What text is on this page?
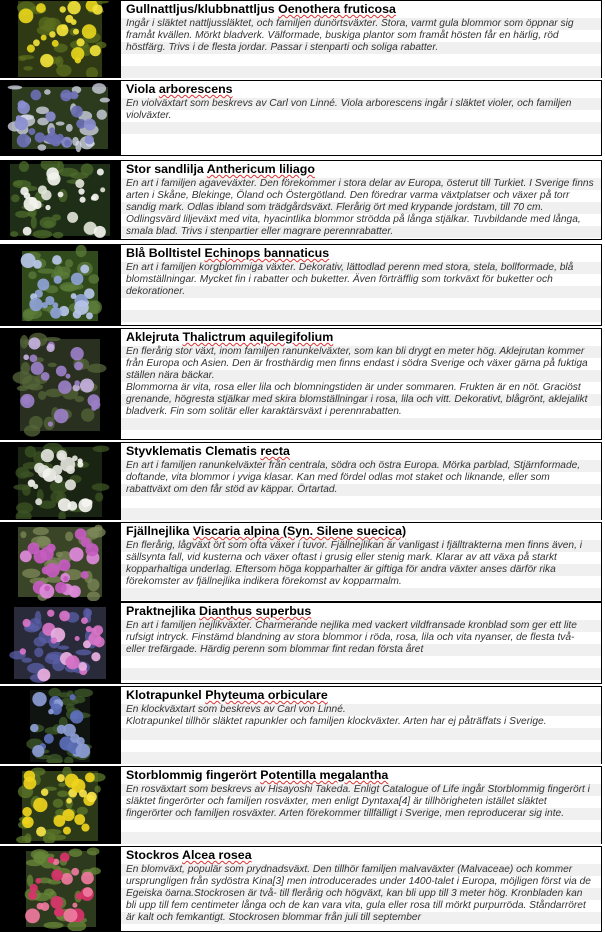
Gullnattljus/klubbnattljus Oenothera fruticosa

Ingår i släktet nattljussläktet, och familjen dunörtsväxter. Stora, varmt gula blommor som öppnar sig framåt kvällen. Mörkt bladverk. Välformade, buskiga plantor som framåt hösten får en härlig, röd höstfärg. Trivs i de flesta jordar. Passar i stenparti och soliga rabatter.

Viola arborescens

En violväxtart som beskrevs av Carl von Linné. Viola arborescens ingår i släktet violer, och familjen violväxter.

Stor sandlilja Anthericum liliago

En art i familjen agaveväxter. Den förekommer i stora delar av Europa, österut till Turkiet. I Sverige finns arten i Skåne, Blekinge, Öland och Östergötland. Den föredrar varma växtplatser och växer på torr sandig mark. Odlas ibland som trädgårdsväxt. Flerårig ört med krypande jordstam, till 70 cm. Odlingsvärd liljeväxt med vita, hyacintlika blommor strödda på långa stjälkar. Tuvbildande med långa, smala blad. Trivs i stenpartier eller magrare perennrabatter.

Blå Bolltistel Echinops bannaticus

En art i familjen korgblommiga växter. Dekorativ, lättodlad perenn med stora, stela, bollformade, blå blomställningar. Mycket fin i rabatter och buketter. Även förträfflig som torkväxt för buketter och dekorationer.

Aklejruta Thalictrum aquilegifolium

En flerårig stor växt, inom familjen ranunkelväxter, som kan bli drygt en meter hög. Aklejrutan kommer från Europa och Asien. Den är frosthärdig men finns endast i södra Sverige och växer gärna på fuktiga ställen nära bäckar.

Blommorna är vita, rosa eller lila och blomningstiden är under sommaren. Frukten är en nöt. Graciöst grenande, högresta stjälkar med skira blomställningar i rosa, lila och vitt. Dekorativt, blågrönt, aklejalikt bladverk. Fin som solitär eller karaktärsväxt i perennrabatten.

Styvklematis Clematis recta

En art i familjen ranunkelväxter från centrala, södra och östra Europa. Mörka parblad, Stjärnformade, doftande, vita blommor i yviga klasar. Kan med fördel odlas mot staket och liknande, eller som rabattväxt om den får stöd av käppar. Örtartad.

Fjällnejlika Viscaria alpina (Syn. Silene suecica)

En flerårig, lågväxt ört som ofta växer i tuvor. Fjällnejlikan är vanligast i fjälltrakterna men finns även, i sällsynta fall, vid kusterna och växer oftast i grusig eller stenig mark. Klarar av att växa på starkt kopparhaltiga underlag. Eftersom höga kopparhalter är giftiga för andra växter anses därför rika förekomster av fjällnejlika indikera förekomst av kopparmalm.

Praktnejlika Dianthus superbus

En art i familjen nejlikväxter. Charmerande nejlika med vackert vildfransade kronblad som ger ett lite rufsigt intryck. Finstämd blandning av stora blommor i röda, rosa, lila och vita nyanser, de flesta två- eller trefärgade. Härdig perenn som blommar fint redan första året

Klotrapunkel Phyteuma orbiculare

En klockväxtart som beskrevs av Carl von Linné.

Klotrapunkel tillhör släktet rapunkler och familjen klockväxter. Arten har ej påträffats i Sverige.

Storblommig fingerört Potentilla megalantha

En rosväxtart som beskrevs av Hisayoshi Takeda. Enligt Catalogue of Life ingår Storblommig fingerört i släktet fingerörter och familjen rosväxter, men enligt Dyntaxa[4] är tillhörigheten istället släktet fingerörter och familjen rosväxter. Arten förekommer tillfälligt i Sverige, men reproducerar sig inte.

Stockros Alcea rosea

En blomväxt, populär som prydnadsväxt. Den tillhör familjen malvaväxter (Malvaceae) och kommer ursprungligen från sydöstra Kina[3] men introducerades under 1400-talet i Europa, möjligen först via de Egeiska öarna.Stockrosen är två- till flerårig och högväxt, kan bli upp till 3 meter hög. Kronbladen kan bli upp till fem centimeter långa och de kan vara vita, gula eller rosa till mörkt purpurröda. Ståndarröret är kalt och femkantigt. Stockrosen blommar från juli till september
